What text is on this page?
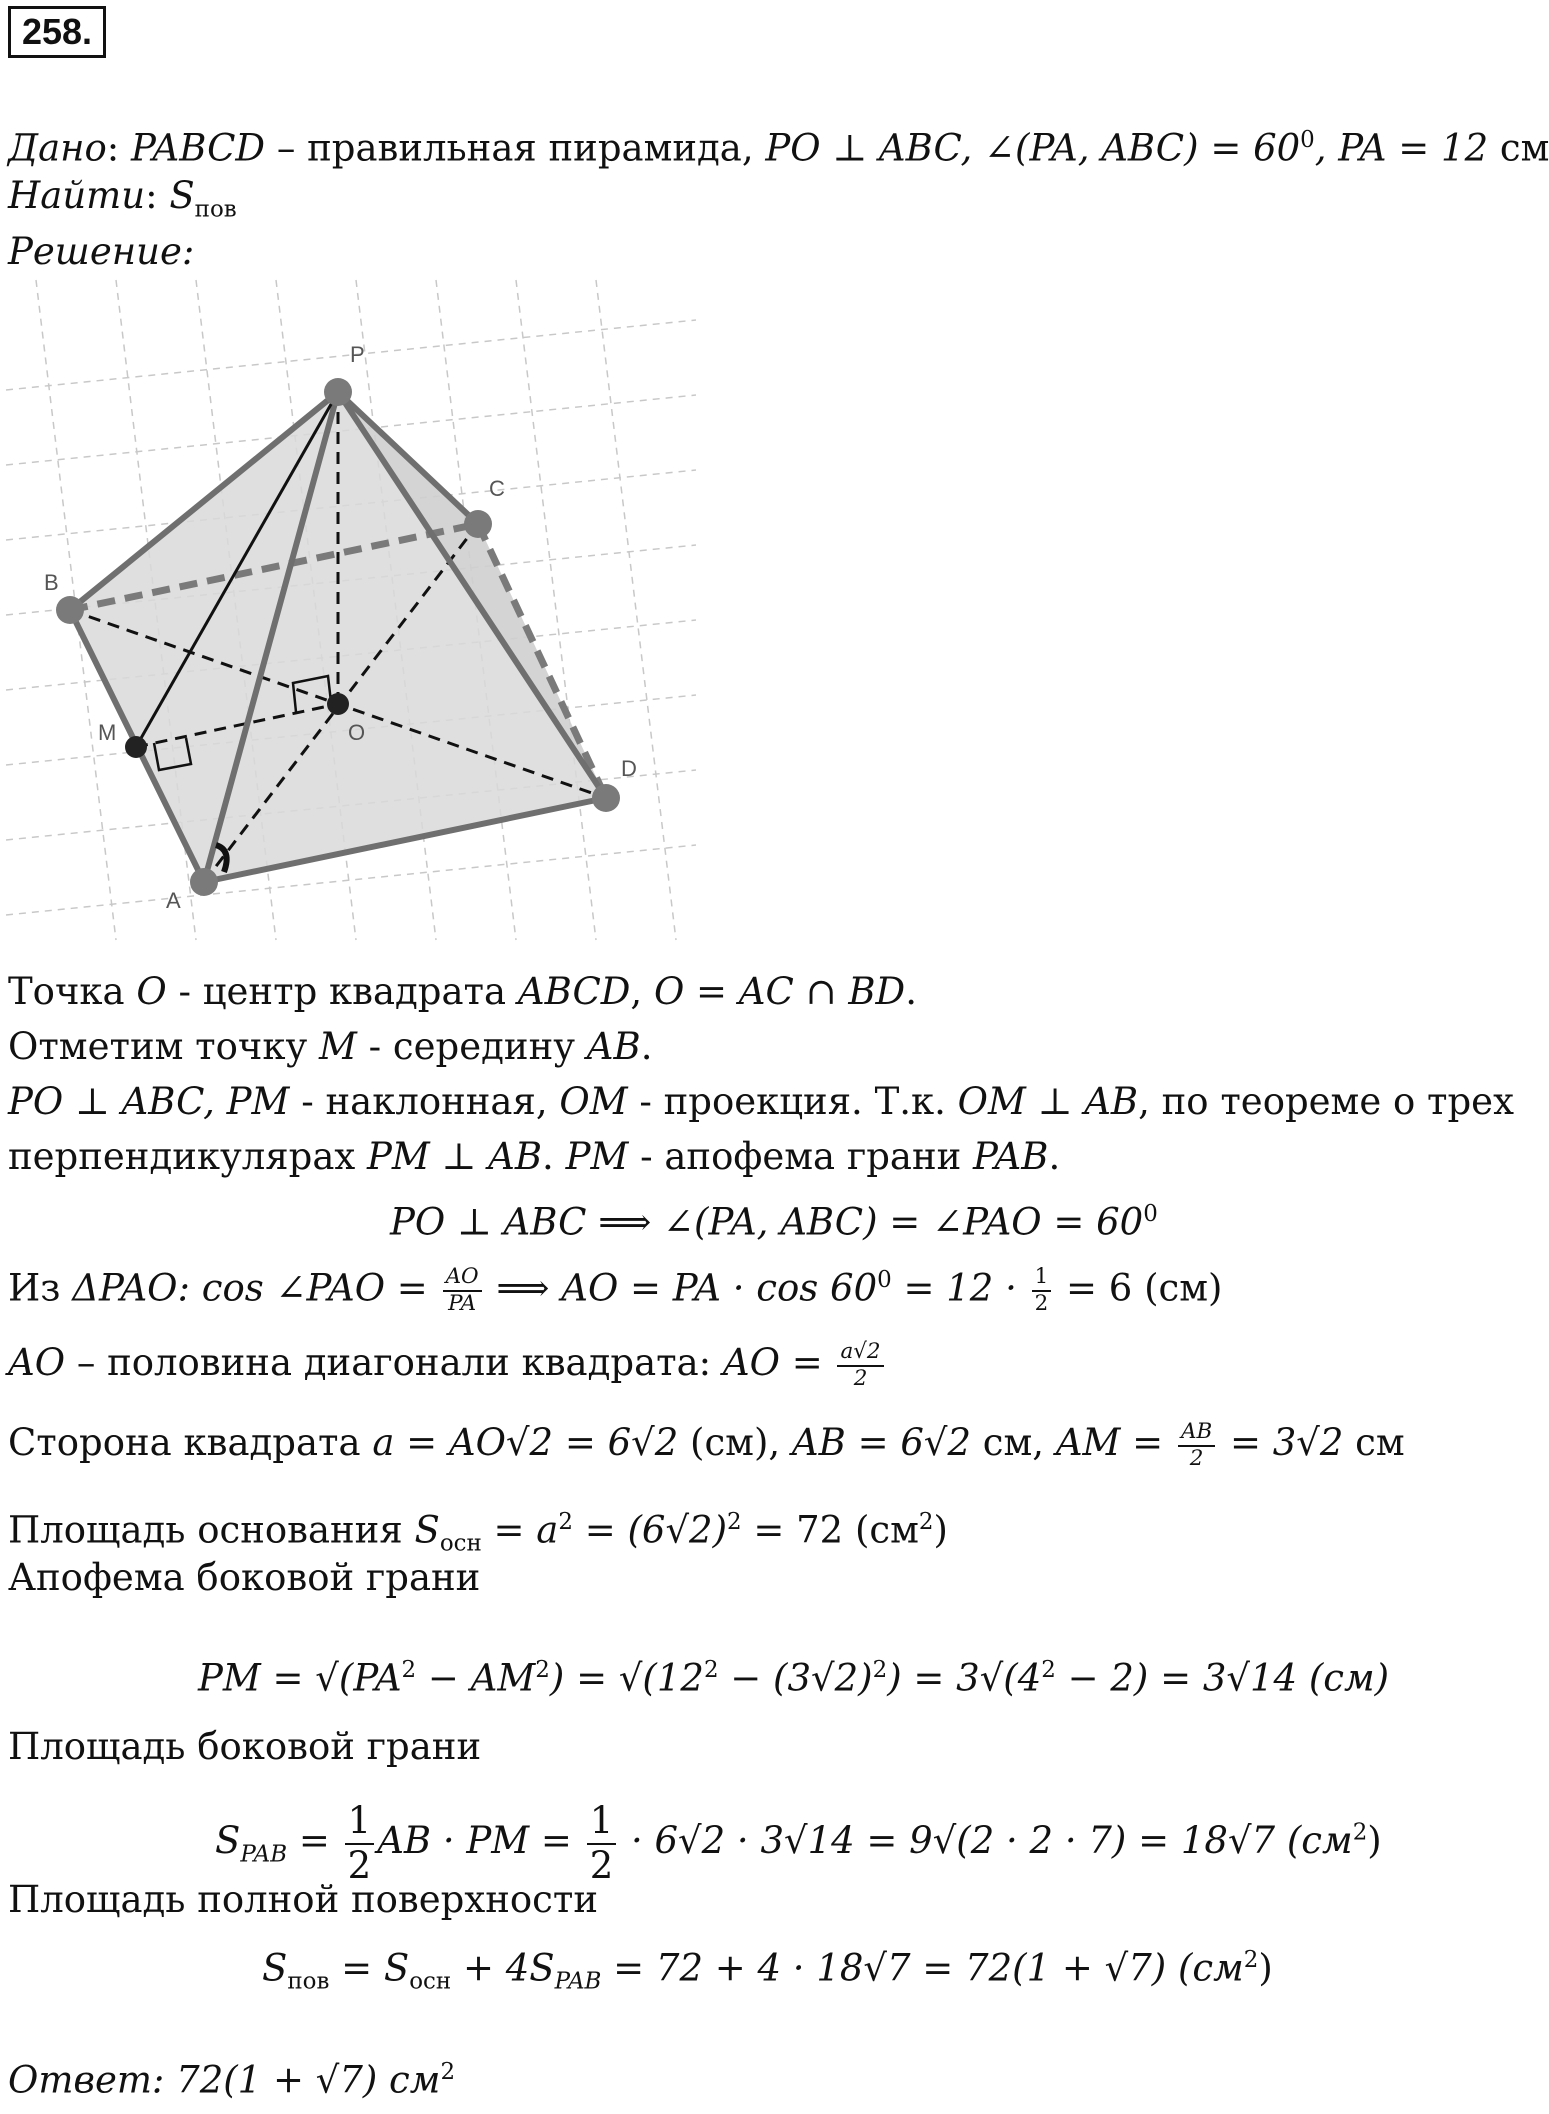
258.
Дано: PABCD – правильная пирамида, PO ⊥ ABC, ∠(PA, $ABC) = 60^0$, PA = 12 см
Найти: $S_{пов}$
Решение:
P
B
C
M	O
D
A
Точка O - центр квадрата ABCD, O = AC ∩ BD.
Отметим точку M - середину AB.
PO ⊥ ABC, PM - наклонная, OM - проекция. Т.к. OM ⊥ AB, по теореме о трех
перпендикулярах PM ⊥ AB. PM - апофема грани PAB.
PO ⊥ ABC ⟹ ∠(PA, ABC) = ∠PAO = $60^0$
Из ΔPAO: cos ∠PAO = $\frac{AO}{PA}$ ⟹ AO = PA · $\cos 60^0 = 12 \cdot \frac{1}{2} = 6$ (см)
AO – половина диагонали квадрата: AO = $\frac{a√2}{2}$
Сторона квадрата a = AO√2 = 6√2 (см), AB = 6√2 см, AM = $\frac{AB}{2} = 3√2$ см
Площадь основания $S_{осн} = a^2 = (6√2)^2 = 72$ $(см^2)$
Апофема боковой грани
PM = $√(PA^2 - AM^2) = √(12^2 - (3√2)^2) = 3√(4^2 - 2) = 3√14$ (см)
Площадь боковой грани
$S_{PAB} = \frac{1}{2}$ AB · PM = $\frac{1}{2} \cdot 6√2 \cdot 3√14 = 9√(2 \cdot 2 \cdot 7) = 18√7$ $(см^2)$
Площадь полной поверхности
$S_{пов} = S_{осн} + 4S_{PAB} = 72 + 4 \cdot 18√7 = 72(1 + √7)$ $(см^2)$
Ответ: 72(1 + √7) $см^2$
